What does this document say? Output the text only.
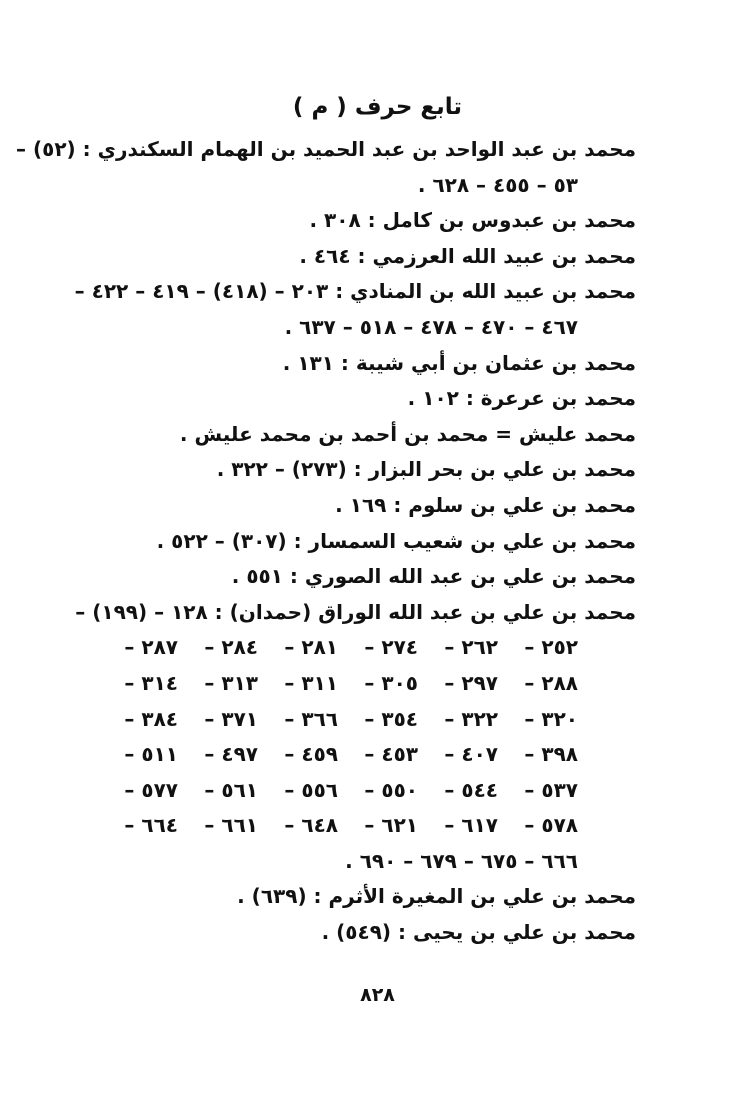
تابع حرف ( م )
محمد بن عبد الواحد بن عبد الحميد بن الهمام السكندري : (٥٢) –
٥٣ – ٤٥٥ – ٦٢٨ .
محمد بن عبدوس بن كامل : ٣٠٨ .
محمد بن عبيد الله العرزمي : ٤٦٤ .
محمد بن عبيد الله بن المنادي : ٢٠٣ – (٤١٨) – ٤١٩ – ٤٢٢ –
٤٦٧ – ٤٧٠ – ٤٧٨ – ٥١٨ – ٦٣٧ .
محمد بن عثمان بن أبي شيبة : ١٣١ .
محمد بن عرعرة : ١٠٢ .
محمد عليش = محمد بن أحمد بن محمد عليش .
محمد بن علي بن بحر البزار : (٢٧٣) – ٣٢٢ .
محمد بن علي بن سلوم : ١٦٩ .
محمد بن علي بن شعيب السمسار : (٣٠٧) – ٥٢٢ .
محمد بن علي بن عبد الله الصوري : ٥٥١ .
محمد بن علي بن عبد الله الوراق (حمدان) : ١٢٨ – (١٩٩) –
٢٥٢ –
٢٦٢ –
٢٧٤ –
٢٨١ –
٢٨٤ –
٢٨٧ –
٢٨٨ –
٢٩٧ –
٣٠٥ –
٣١١ –
٣١٣ –
٣١٤ –
٣٢٠ –
٣٢٢ –
٣٥٤ –
٣٦٦ –
٣٧١ –
٣٨٤ –
٣٩٨ –
٤٠٧ –
٤٥٣ –
٤٥٩ –
٤٩٧ –
٥١١ –
٥٣٧ –
٥٤٤ –
٥٥٠ –
٥٥٦ –
٥٦١ –
٥٧٧ –
٥٧٨ –
٦١٧ –
٦٢١ –
٦٤٨ –
٦٦١ –
٦٦٤ –
٦٦٦ – ٦٧٥ – ٦٧٩ – ٦٩٠ .
محمد بن علي بن المغيرة الأثرم : (٦٣٩) .
محمد بن علي بن يحيى : (٥٤٩) .
٨٢٨
